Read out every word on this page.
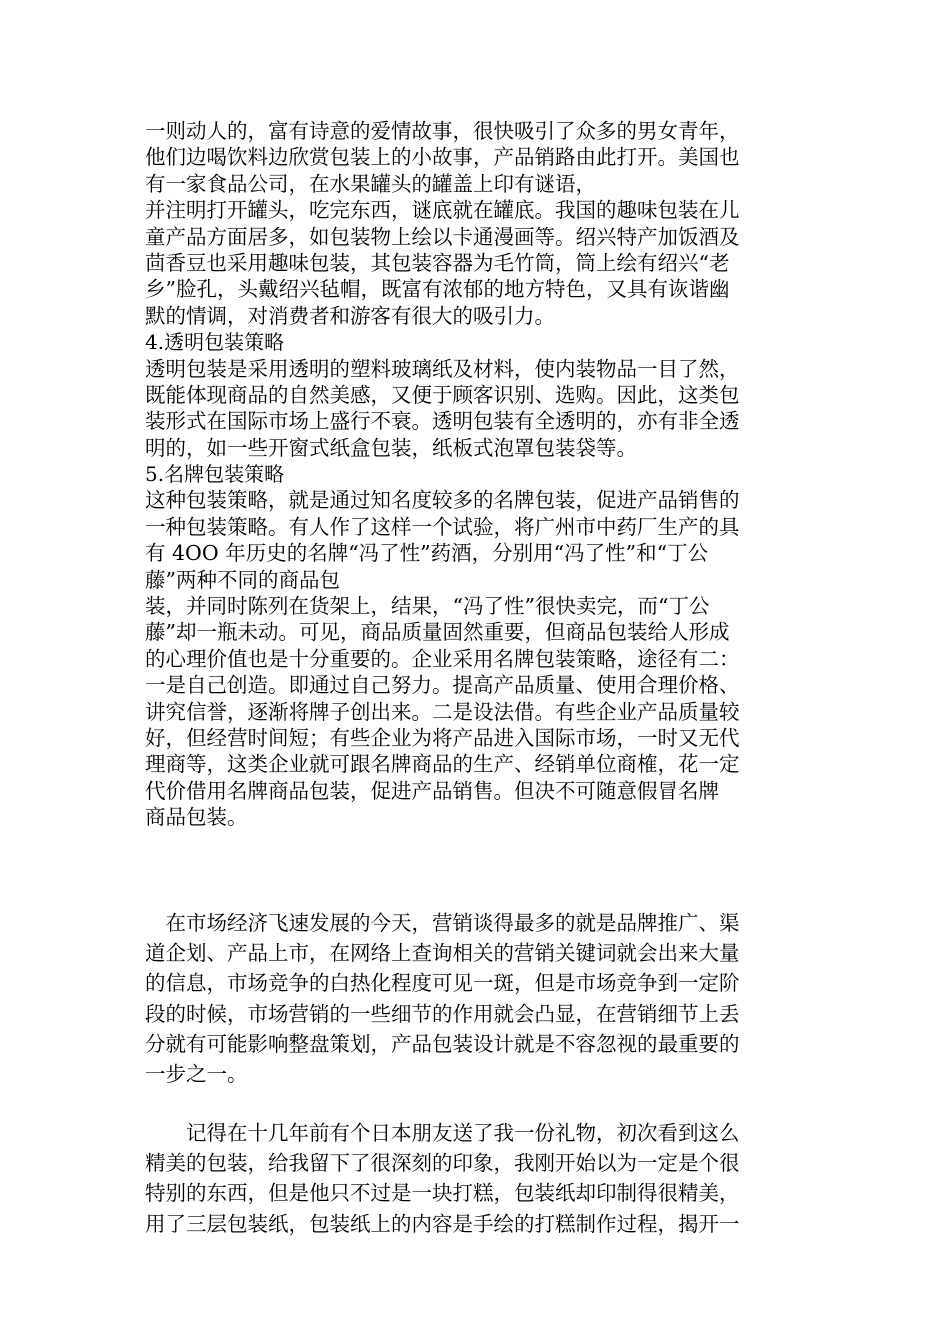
一则动人的，富有诗意的爱情故事，很快吸引了众多的男女青年，
他们边喝饮料边欣赏包装上的小故事，产品销路由此打开。美国也
有一家食品公司，在水果罐头的罐盖上印有谜语，
并注明打开罐头，吃完东西，谜底就在罐底。我国的趣味包装在儿
童产品方面居多，如包装物上绘以卡通漫画等。绍兴特产加饭酒及
茴香豆也采用趣味包装，其包装容器为毛竹筒，筒上绘有绍兴“老
乡”脸孔，头戴绍兴毡帽，既富有浓郁的地方特色，又具有诙谐幽
默的情调，对消费者和游客有很大的吸引力。
4.透明包装策略
透明包装是采用透明的塑料玻璃纸及材料，使内装物品一目了然，
既能体现商品的自然美感，又便于顾客识别、选购。因此，这类包
装形式在国际市场上盛行不衰。透明包装有全透明的，亦有非全透
明的，如一些开窗式纸盒包装，纸板式泡罩包装袋等。
5.名牌包装策略
这种包装策略，就是通过知名度较多的名牌包装，促进产品销售的
一种包装策略。有人作了这样一个试验，将广州市中药厂生产的具
有 4OO 年历史的名牌“冯了性”药酒，分别用“冯了性”和“丁公
藤”两种不同的商品包
装，并同时陈列在货架上，结果，“冯了性”很快卖完，而“丁公
藤”却一瓶未动。可见，商品质量固然重要，但商品包装给人形成
的心理价值也是十分重要的。企业采用名牌包装策略，途径有二：
一是自己创造。即通过自己努力。提高产品质量、使用合理价格、
讲究信誉，逐渐将牌子创出来。二是设法借。有些企业产品质量较
好，但经营时间短；有些企业为将产品进入国际市场，一时又无代
理商等，这类企业就可跟名牌商品的生产、经销单位商榷，花一定
代价借用名牌商品包装，促进产品销售。但决不可随意假冒名牌
商品包装。
　在市场经济飞速发展的今天，营销谈得最多的就是品牌推广、渠
道企划、产品上市，在网络上查询相关的营销关键词就会出来大量
的信息，市场竞争的白热化程度可见一斑，但是市场竞争到一定阶
段的时候，市场营销的一些细节的作用就会凸显，在营销细节上丢
分就有可能影响整盘策划，产品包装设计就是不容忽视的最重要的
一步之一。
　　记得在十几年前有个日本朋友送了我一份礼物，初次看到这么
精美的包装，给我留下了很深刻的印象，我刚开始以为一定是个很
特别的东西，但是他只不过是一块打糕，包装纸却印制得很精美，
用了三层包装纸，包装纸上的内容是手绘的打糕制作过程，揭开一
